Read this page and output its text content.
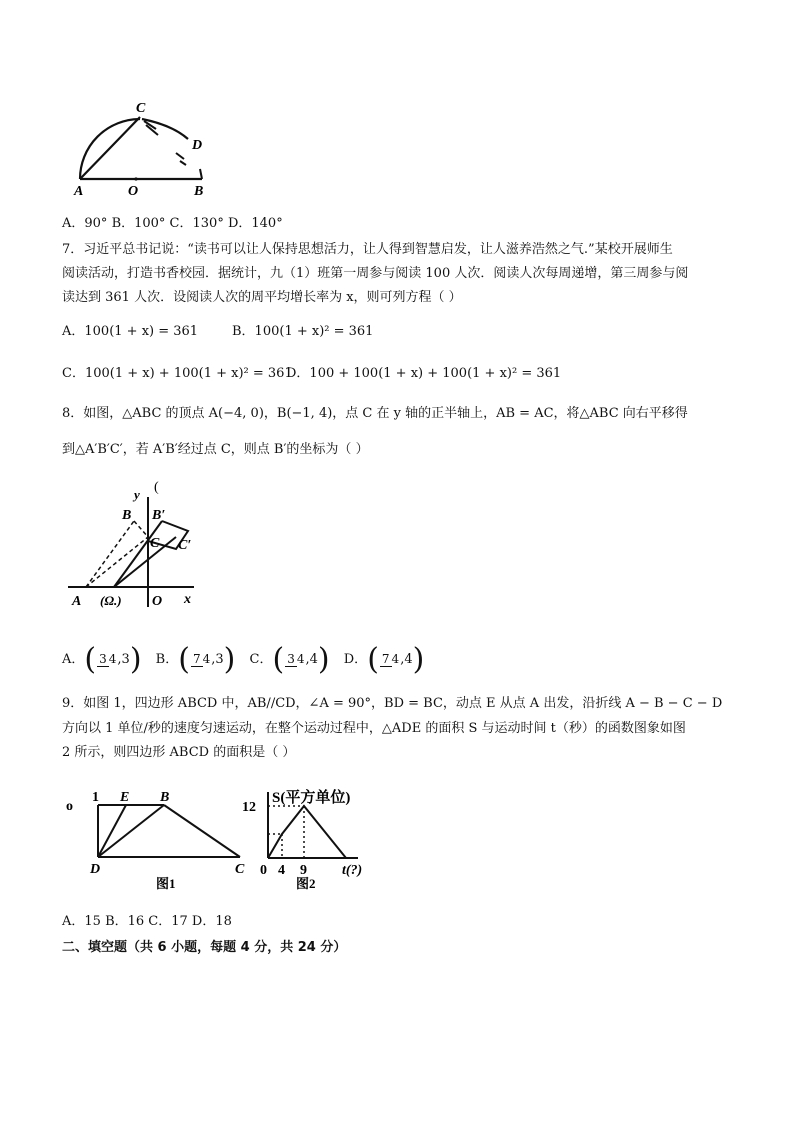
A	O	B
C
D
A．90° B．100° C．130° D．140°
7．习近平总书记说：“读书可以让人保持思想活力，让人得到智慧启发，让人滋养浩然之气.”某校开展师生
阅读活动，打造书香校园．据统计，九（1）班第一周参与阅读 100 人次．阅读人次每周递增，第三周参与阅
读达到 361 人次．设阅读人次的周平均增长率为 x，则可列方程（ ）
A．100(1 + x) = 361	B．100(1 + x)² = 361
C．100(1 + x) + 100(1 + x)² = 361
D．100 + 100(1 + x) + 100(1 + x)² = 361
8．如图，△ABC 的顶点 A(−4, 0)，B(−1, 4)，点 C 在 y 轴的正半轴上，AB = AC，将△ABC 向右平移得
到△A′B′C′，若 A′B′经过点 C，则点 B′的坐标为（ ）
y (
B B′
C C′
A (Ω.) O x
A．( 3 4,3) B．( 7 4,3) C．( 3 4,4) D．( 7 4,4)
9．如图 1，四边形 ABCD 中，AB//CD，∠A = 90°，BD = BC，动点 E 从点 A 出发，沿折线 A − B − C − D
方向以 1 单位/秒的速度匀速运动，在整个运动过程中，△ADE 的面积 S 与运动时间 t（秒）的函数图象如图
2 所示，则四边形 ABCD 的面积是（ ）
o
1 E B
D	C
图1
S(平方单位)
12
0 4 9	t(?)
图2
A．15 B．16 C．17 D．18
二、填空题（共 6 小题，每题 4 分，共 24 分）
